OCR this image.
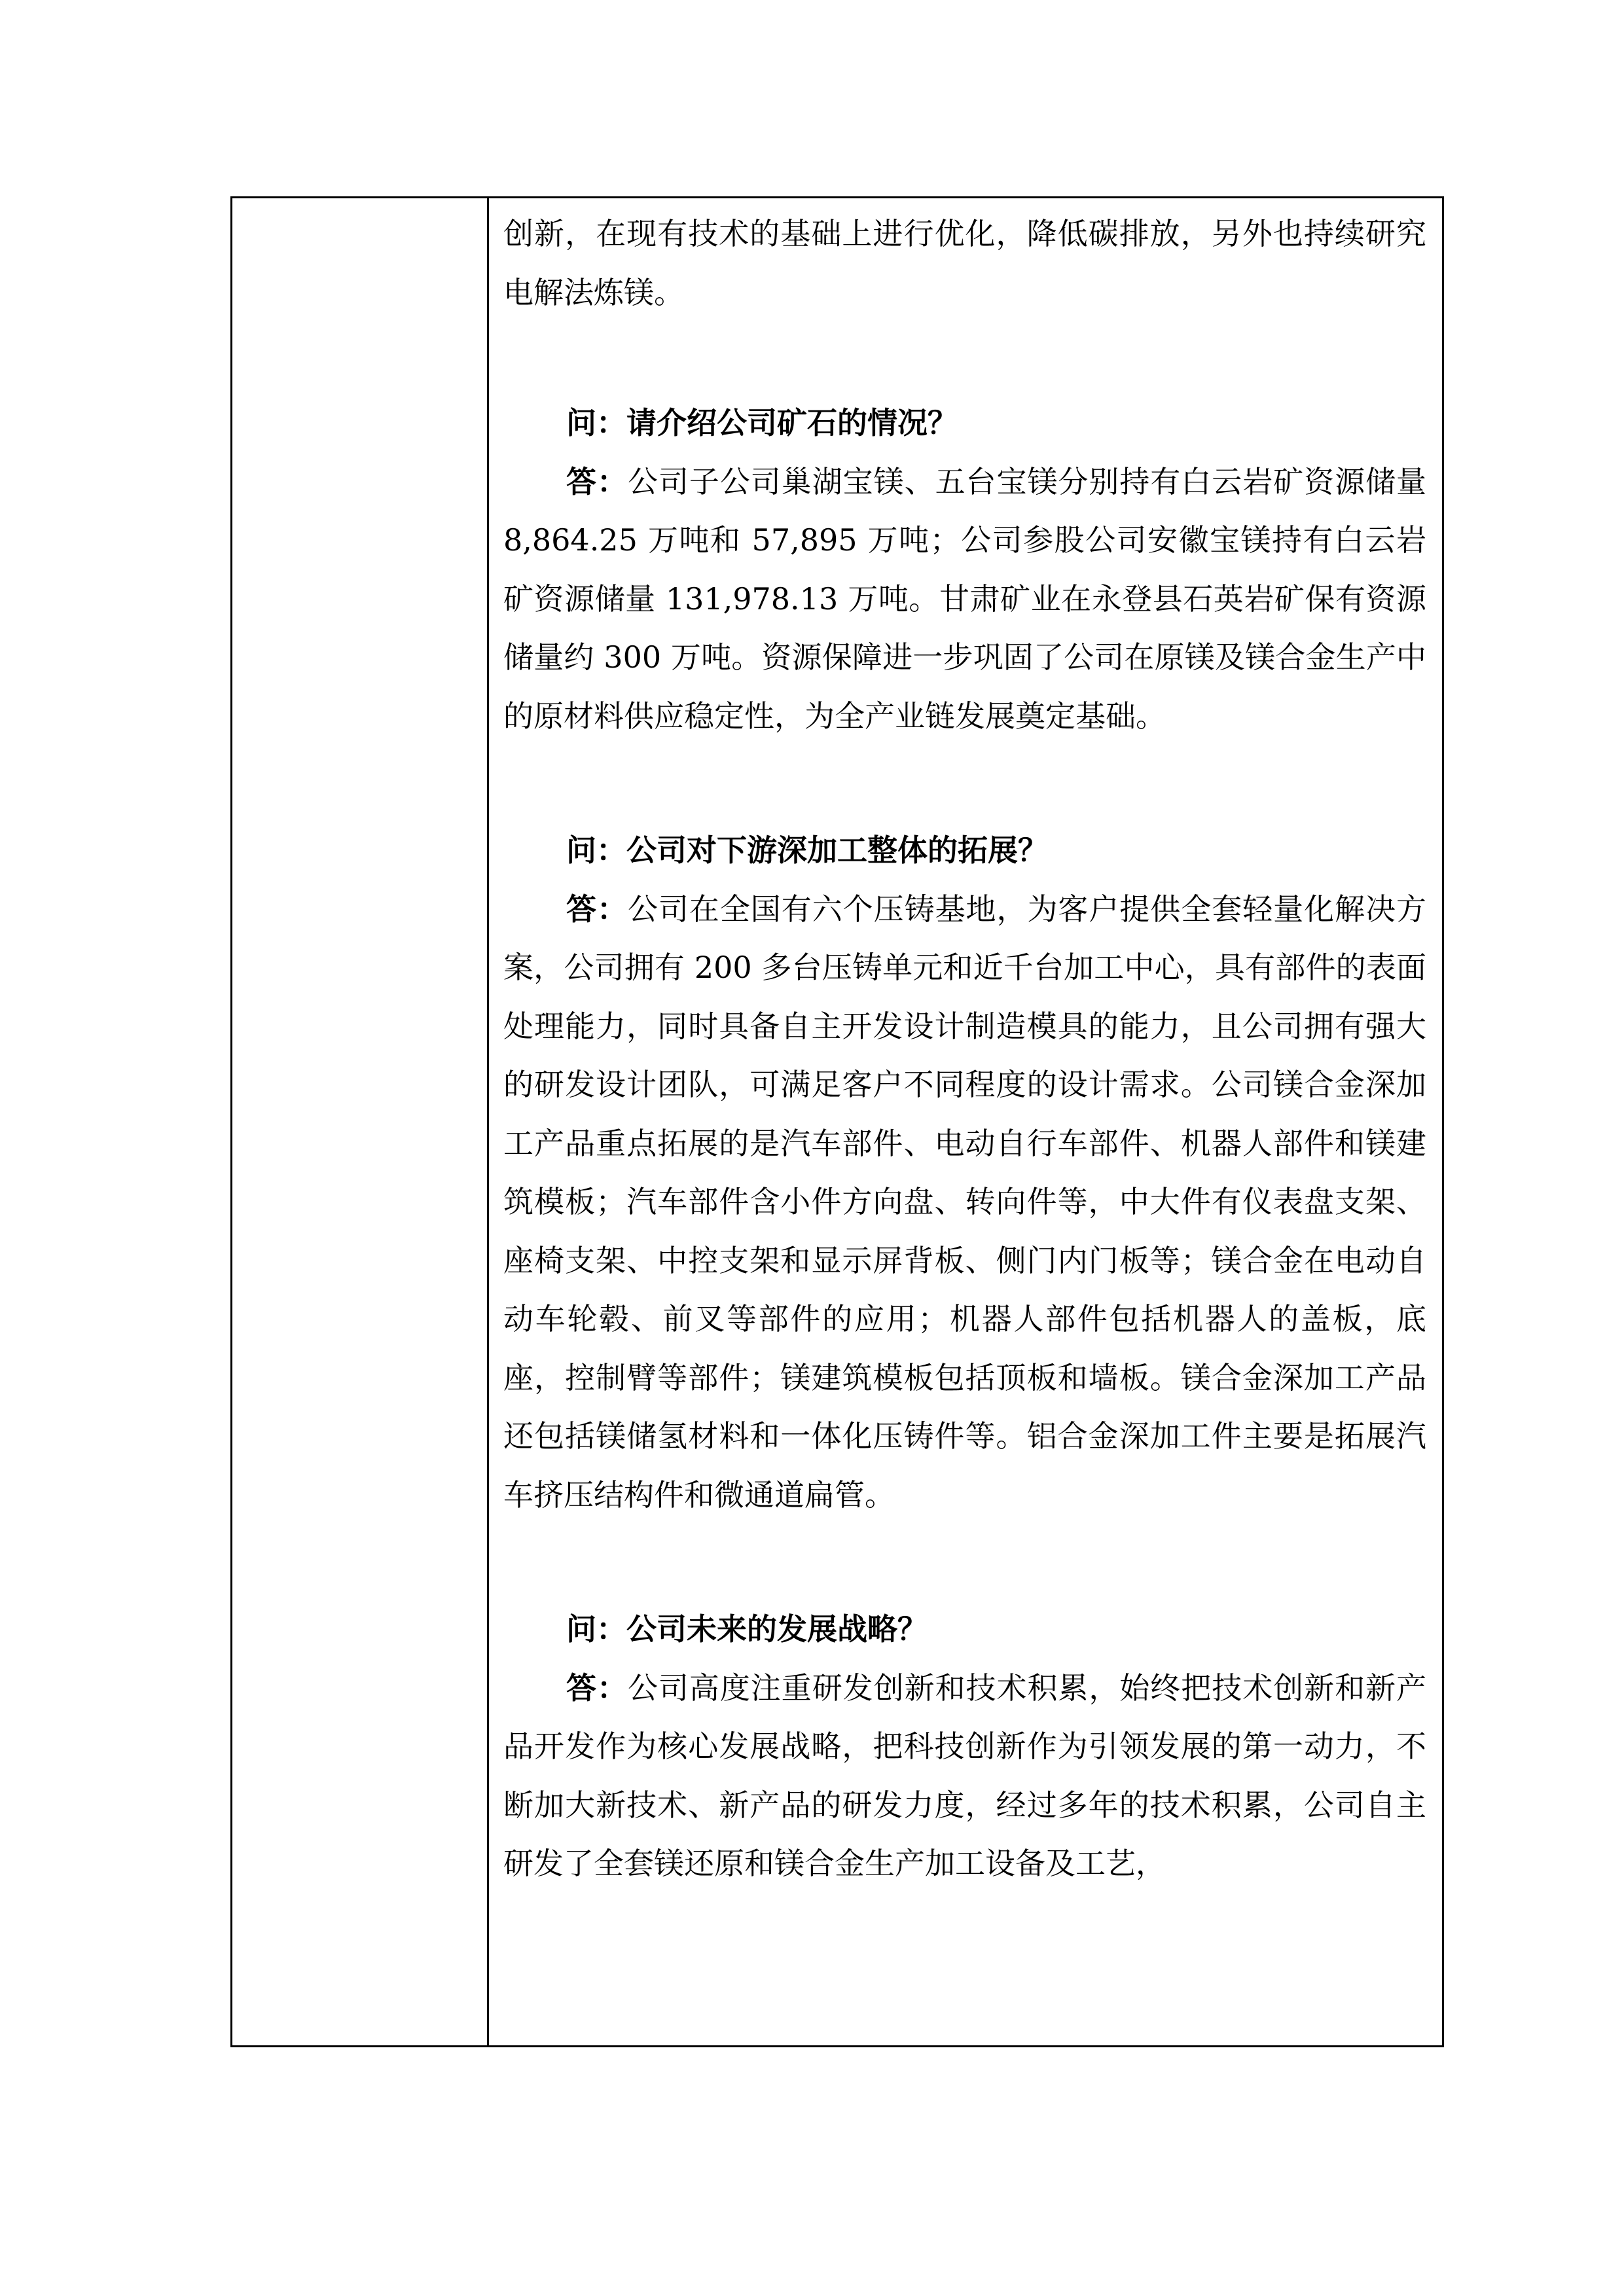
创新，在现有技术的基础上进行优化，降低碳排放，另外也持续研究电解法炼镁。

问：请介绍公司矿石的情况？

答：公司子公司巢湖宝镁、五台宝镁分别持有白云岩矿资源储量 8,864.25 万吨和 57,895 万吨；公司参股公司安徽宝镁持有白云岩矿资源储量 131,978.13 万吨。甘肃矿业在永登县石英岩矿保有资源储量约 300 万吨。资源保障进一步巩固了公司在原镁及镁合金生产中的原材料供应稳定性，为全产业链发展奠定基础。

问：公司对下游深加工整体的拓展？

答：公司在全国有六个压铸基地，为客户提供全套轻量化解决方案，公司拥有 200 多台压铸单元和近千台加工中心，具有部件的表面处理能力，同时具备自主开发设计制造模具的能力，且公司拥有强大的研发设计团队，可满足客户不同程度的设计需求。公司镁合金深加工产品重点拓展的是汽车部件、电动自行车部件、机器人部件和镁建筑模板；汽车部件含小件方向盘、转向件等，中大件有仪表盘支架、座椅支架、中控支架和显示屏背板、侧门内门板等；镁合金在电动自动车轮毂、前叉等部件的应用；机器人部件包括机器人的盖板，底座，控制臂等部件；镁建筑模板包括顶板和墙板。镁合金深加工产品还包括镁储氢材料和一体化压铸件等。铝合金深加工件主要是拓展汽车挤压结构件和微通道扁管。

问：公司未来的发展战略？

答：公司高度注重研发创新和技术积累，始终把技术创新和新产品开发作为核心发展战略，把科技创新作为引领发展的第一动力，不断加大新技术、新产品的研发力度，经过多年的技术积累，公司自主研发了全套镁还原和镁合金生产加工设备及工艺，
